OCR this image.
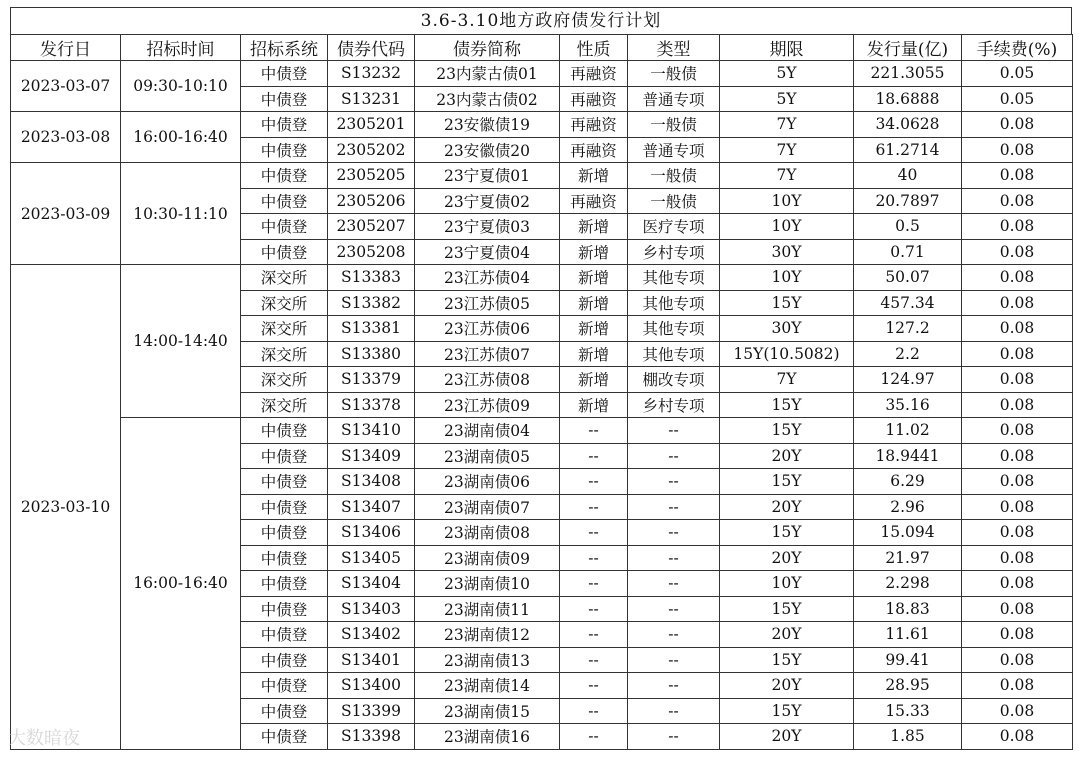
3.6-3.10地方政府债发行计划
发行日	招标时间	招标系统	债券代码	债券简称	性质	类型	期限	发行量(亿)	手续费(%)
2023-03-07	09:30-10:10	中债登	S13232	23内蒙古债01	再融资	一般债	5Y	221.3055	0.05
		中债登	S13231	23内蒙古债02	再融资	普通专项	5Y	18.6888	0.05
2023-03-08	16:00-16:40	中债登	2305201	23安徽债19	再融资	一般债	7Y	34.0628	0.08
		中债登	2305202	23安徽债20	再融资	普通专项	7Y	61.2714	0.08
2023-03-09	10:30-11:10	中债登	2305205	23宁夏债01	新增	一般债	7Y	40	0.08
		中债登	2305206	23宁夏债02	再融资	一般债	10Y	20.7897	0.08
		中债登	2305207	23宁夏债03	新增	医疗专项	10Y	0.5	0.08
		中债登	2305208	23宁夏债04	新增	乡村专项	30Y	0.71	0.08
2023-03-10	14:00-14:40	深交所	S13383	23江苏债04	新增	其他专项	10Y	50.07	0.08
		深交所	S13382	23江苏债05	新增	其他专项	15Y	457.34	0.08
		深交所	S13381	23江苏债06	新增	其他专项	30Y	127.2	0.08
		深交所	S13380	23江苏债07	新增	其他专项	15Y(10.5082)	2.2	0.08
		深交所	S13379	23江苏债08	新增	棚改专项	7Y	124.97	0.08
		深交所	S13378	23江苏债09	新增	乡村专项	15Y	35.16	0.08
	16:00-16:40	中债登	S13410	23湖南债04	--	--	15Y	11.02	0.08
		中债登	S13409	23湖南债05	--	--	20Y	18.9441	0.08
		中债登	S13408	23湖南债06	--	--	15Y	6.29	0.08
		中债登	S13407	23湖南债07	--	--	20Y	2.96	0.08
		中债登	S13406	23湖南债08	--	--	15Y	15.094	0.08
		中债登	S13405	23湖南债09	--	--	20Y	21.97	0.08
		中债登	S13404	23湖南债10	--	--	10Y	2.298	0.08
		中债登	S13403	23湖南债11	--	--	15Y	18.83	0.08
		中债登	S13402	23湖南债12	--	--	20Y	11.61	0.08
		中债登	S13401	23湖南债13	--	--	15Y	99.41	0.08
		中债登	S13400	23湖南债14	--	--	20Y	28.95	0.08
		中债登	S13399	23湖南债15	--	--	15Y	15.33	0.08
		中债登	S13398	23湖南债16	--	--	20Y	1.85	0.08
大数暗夜
